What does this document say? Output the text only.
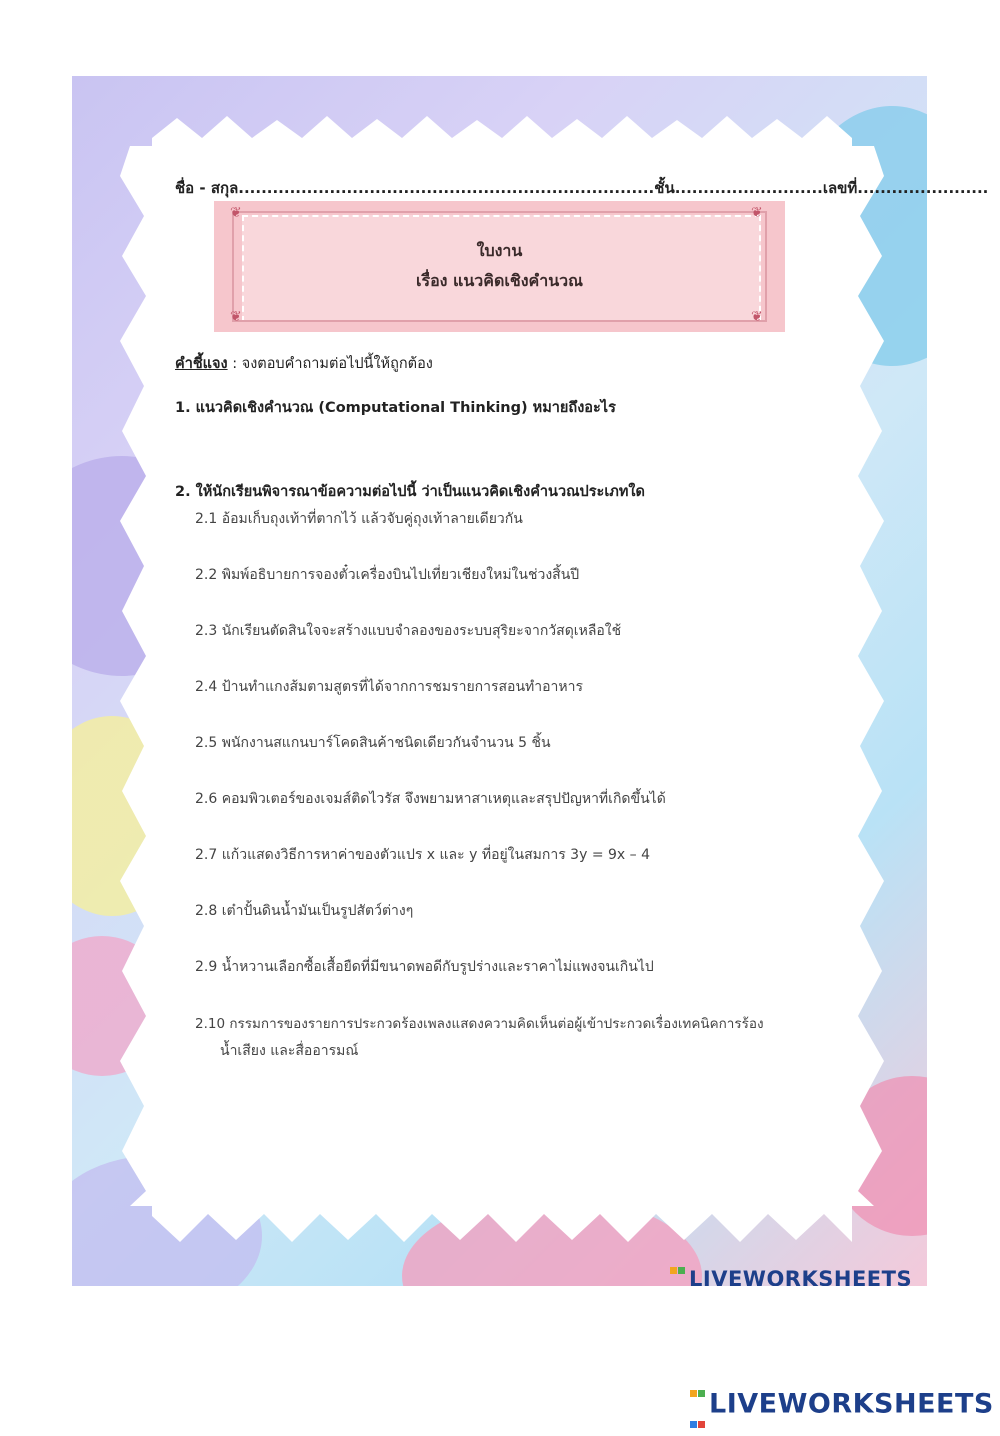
LIVEWORKSHEETS
ชื่อ - สกุล.........................................................................ชั้น..........................เลขที่.......................
❦	❦
❦	❦
ใบงาน
เรื่อง แนวคิดเชิงคำนวณ
คำชี้แจง : จงตอบคำถามต่อไปนี้ให้ถูกต้อง
1. แนวคิดเชิงคำนวณ (Computational Thinking) หมายถึงอะไร
2. ให้นักเรียนพิจารณาข้อความต่อไปนี้ ว่าเป็นแนวคิดเชิงคำนวณประเภทใด
2.1 อ้อมเก็บถุงเท้าที่ตากไว้ แล้วจับคู่ถุงเท้าลายเดียวกัน
2.2 พิมพ์อธิบายการจองตั๋วเครื่องบินไปเที่ยวเชียงใหม่ในช่วงสิ้นปี
2.3 นักเรียนตัดสินใจจะสร้างแบบจำลองของระบบสุริยะจากวัสดุเหลือใช้
2.4 ป้านทำแกงส้มตามสูตรที่ได้จากการชมรายการสอนทำอาหาร
2.5 พนักงานสแกนบาร์โคดสินค้าชนิดเดียวกันจำนวน 5 ชิ้น
2.6 คอมพิวเตอร์ของเจมส์ติดไวรัส จึงพยามหาสาเหตุและสรุปปัญหาที่เกิดขึ้นได้
2.7 แก้วแสดงวิธีการหาค่าของตัวแปร x และ y ที่อยู่ในสมการ 3y = 9x – 4
2.8 เต๋าปั้นดินน้ำมันเป็นรูปสัตว์ต่างๆ
2.9 น้ำหวานเลือกซื้อเสื้อยืดที่มีขนาดพอดีกับรูปร่างและราคาไม่แพงจนเกินไป
2.10 กรรมการของรายการประกวดร้องเพลงแสดงความคิดเห็นต่อผู้เข้าประกวดเรื่องเทคนิคการร้อง
น้ำเสียง และสื่ออารมณ์

LIVEWORKSHEETS
